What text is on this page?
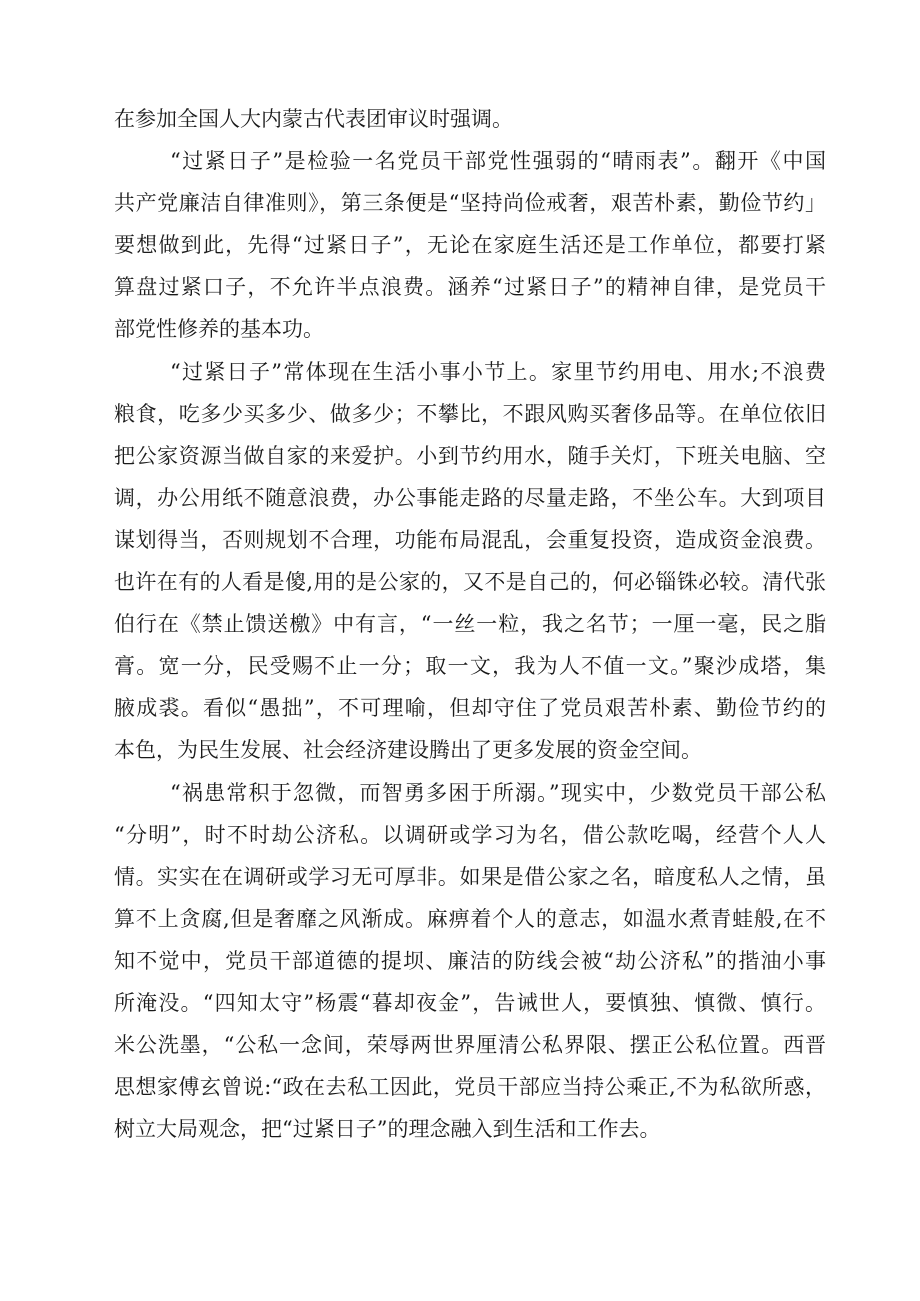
在参加全国人大内蒙古代表团审议时强调。
“过紧日子”是检验一名党员干部党性强弱的“晴雨表”。翻开《中国
共产党廉洁自律准则》，第三条便是“坚持尚俭戒奢，艰苦朴素，勤俭节约」
要想做到此，先得“过紧日子”，无论在家庭生活还是工作单位，都要打紧
算盘过紧口子，不允许半点浪费。涵养“过紧日子”的精神自律，是党员干
部党性修养的基本功。
“过紧日子”常体现在生活小事小节上。家里节约用电、用水;不浪费
粮食，吃多少买多少、做多少；不攀比，不跟风购买奢侈品等。在单位依旧
把公家资源当做自家的来爱护。小到节约用水，随手关灯，下班关电脑、空
调，办公用纸不随意浪费，办公事能走路的尽量走路，不坐公车。大到项目
谋划得当，否则规划不合理，功能布局混乱，会重复投资，造成资金浪费。
也许在有的人看是傻,用的是公家的，又不是自己的，何必锱铢必较。清代张
伯行在《禁止馈送檄》中有言，“一丝一粒，我之名节；一厘一毫，民之脂
膏。宽一分，民受赐不止一分；取一文，我为人不值一文。”聚沙成塔，集
腋成裘。看似“愚拙”，不可理喻，但却守住了党员艰苦朴素、勤俭节约的
本色，为民生发展、社会经济建设腾出了更多发展的资金空间。
“祸患常积于忽微，而智勇多困于所溺。”现实中，少数党员干部公私
“分明”，时不时劫公济私。以调研或学习为名，借公款吃喝，经营个人人
情。实实在在调研或学习无可厚非。如果是借公家之名，暗度私人之情，虽
算不上贪腐,但是奢靡之风渐成。麻痹着个人的意志，如温水煮青蛙般,在不
知不觉中，党员干部道德的提坝、廉洁的防线会被“劫公济私”的揩油小事
所淹没。“四知太守”杨震“暮却夜金”，告诫世人，要慎独、慎微、慎行。
米公洗墨，“公私一念间，荣辱两世界厘清公私界限、摆正公私位置。西晋
思想家傅玄曾说:“政在去私工因此，党员干部应当持公乘正,不为私欲所惑，
树立大局观念，把“过紧日子”的理念融入到生活和工作去。
